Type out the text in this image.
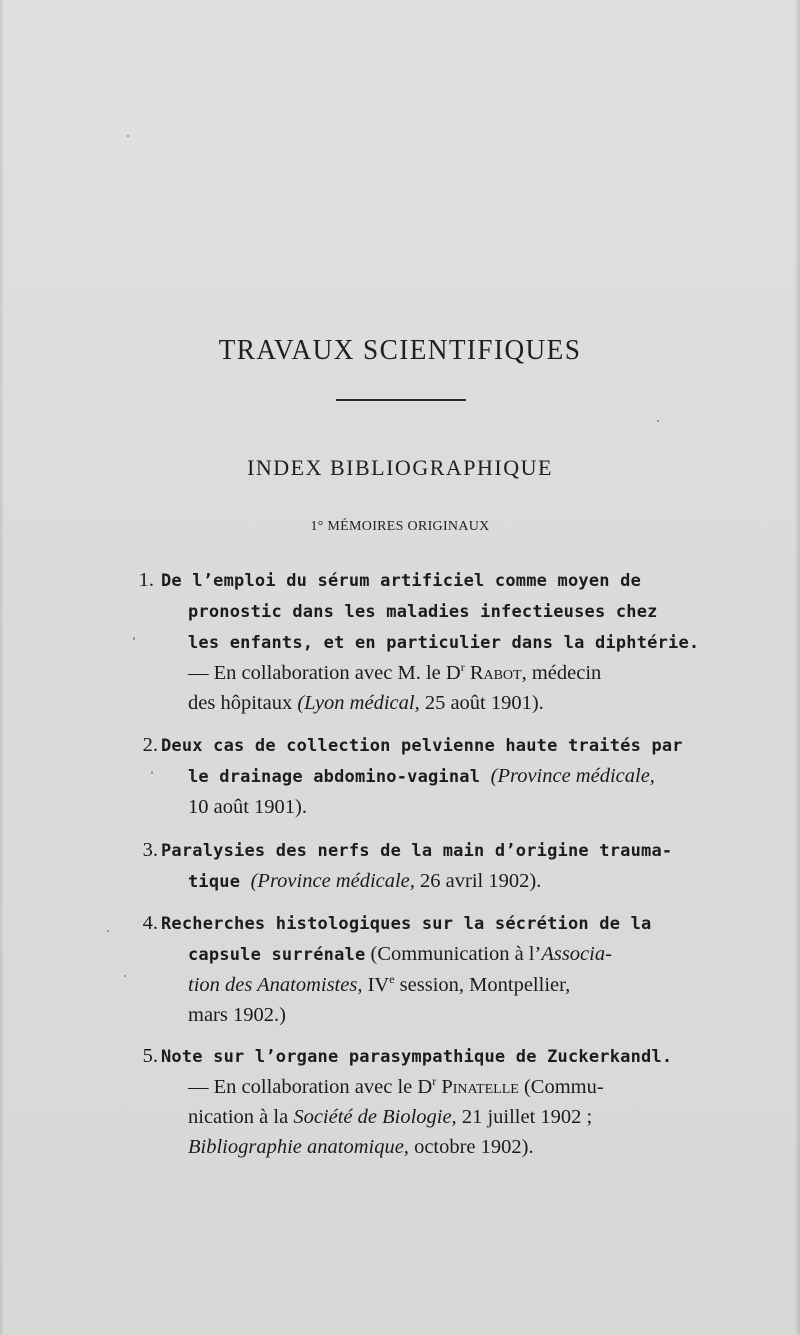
TRAVAUX SCIENTIFIQUES
INDEX BIBLIOGRAPHIQUE
1° MÉMOIRES ORIGINAUX
1. De l’emploi du sérum artificiel comme moyen de
pronostic dans les maladies infectieuses chez
les enfants, et en particulier dans la diphtérie.
— En collaboration avec M. le $D^r$ Rabot, médecin
des hôpitaux (Lyon médical, 25 août 1901).
2. Deux cas de collection pelvienne haute traités par
le drainage abdomino-vaginal (Province médicale,
10 août 1901).
3. Paralysies des nerfs de la main d’origine trauma-
tique (Province médicale, 26 avril 1902).
4. Recherches histologiques sur la sécrétion de la
capsule surrénale (Communication à l’Associa-
tion des Anatomistes, IVe session, Montpellier,
mars 1902.)
5. Note sur l’organe parasympathique de Zuckerkandl.
— En collaboration avec le $D^r$ Pinatelle (Commu-
nication à la Société de Biologie, 21 juillet 1902 ;
Bibliographie anatomique, octobre 1902).
